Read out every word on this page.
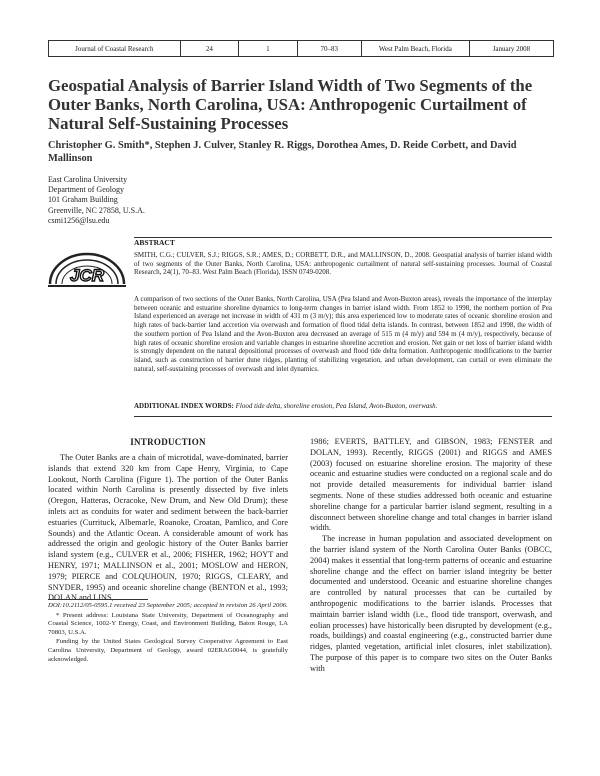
Journal of Coastal Research	24	1	70–83	West Palm Beach, Florida	January 2008
Geospatial Analysis of Barrier Island Width of Two Segments of the Outer Banks, North Carolina, USA: Anthropogenic Curtailment of Natural Self-Sustaining Processes
Christopher G. Smith*, Stephen J. Culver, Stanley R. Riggs, Dorothea Ames, D. Reide Corbett, and David Mallinson
East Carolina University
Department of Geology
101 Graham Building
Greenville, NC 27858, U.S.A.
csmi1256@lsu.edu
ABSTRACT
JCR
SMITH, C.G.; CULVER, S.J.; RIGGS, S.R.; AMES, D.; CORBETT, D.R., and MALLINSON, D., 2008. Geospatial analysis of barrier island width of two segments of the Outer Banks, North Carolina, USA: anthropogenic curtailment of natural self-sustaining processes. Journal of Coastal Research, 24(1), 70–83. West Palm Beach (Florida), ISSN 0749-0208.
A comparison of two sections of the Outer Banks, North Carolina, USA (Pea Island and Avon-Buxton areas), reveals the importance of the interplay between oceanic and estuarine shoreline dynamics to long-term changes in barrier island width. From 1852 to 1998, the northern portion of Pea Island experienced an average net increase in width of 431 m (3 m/y); this area experienced low to moderate rates of oceanic shoreline erosion and high rates of back-barrier land accretion via overwash and formation of flood tidal delta islands. In contrast, between 1852 and 1998, the width of the southern portion of Pea Island and the Avon-Buxton area decreased an average of 515 m (4 m/y) and 594 m (4 m/y), respectively, because of high rates of oceanic shoreline erosion and variable changes in estuarine shoreline accretion and erosion. Net gain or net loss of barrier island width is strongly dependent on the natural depositional processes of overwash and flood tide delta formation. Anthropogenic modifications to the barrier island, such as construction of barrier dune ridges, planting of stabilizing vegetation, and urban development, can curtail or even eliminate the natural, self-sustaining processes of overwash and inlet dynamics.
ADDITIONAL INDEX WORDS: Flood tide delta, shoreline erosion, Pea Island, Avon-Buxton, overwash.
INTRODUCTION

The Outer Banks are a chain of microtidal, wave-dominated, barrier islands that extend 320 km from Cape Henry, Virginia, to Cape Lookout, North Carolina (Figure 1). The portion of the Outer Banks located within North Carolina is presently dissected by five inlets (Oregon, Hatteras, Ocracoke, New Drum, and New Old Drum); these inlets act as conduits for water and sediment between the back-barrier estuaries (Currituck, Albemarle, Roanoke, Croatan, Pamlico, and Core Sounds) and the Atlantic Ocean. A considerable amount of work has addressed the origin and geologic history of the Outer Banks barrier island system (e.g., CULVER et al., 2006; FISHER, 1962; HOYT and HENRY, 1971; MALLINSON et al., 2001; MOSLOW and HERON, 1979; PIERCE and COLQUHOUN, 1970; RIGGS, CLEARY, and SNYDER, 1995) and oceanic shoreline change (BENTON et al., 1993; DOLAN and LINS,

DOI:10.2112/05-0595.1 received 23 September 2005; accepted in revision 26 April 2006.

* Present address: Louisiana State University, Department of Oceanography and Coastal Science, 1002-Y Energy, Coast, and Environment Building, Baton Rouge, LA 70803, U.S.A.

Funding by the United States Geological Survey Cooperative Agreement to East Carolina University, Department of Geology, award 02ERAG0044, is gratefully acknowledged.

1986; EVERTS, BATTLEY, and GIBSON, 1983; FENSTER and DOLAN, 1993). Recently, RIGGS (2001) and RIGGS and AMES (2003) focused on estuarine shoreline erosion. The majority of these oceanic and estuarine studies were conducted on a regional scale and do not provide detailed measurements for individual barrier island segments. None of these studies addressed both oceanic and estuarine shoreline change for a particular barrier island segment, resulting in a disconnect between shoreline change and total changes in barrier island width.

The increase in human population and associated development on the barrier island system of the North Carolina Outer Banks (OBCC, 2004) makes it essential that long-term patterns of oceanic and estuarine shoreline change and the effect on barrier island integrity be better documented and understood. Oceanic and estuarine shoreline changes are controlled by natural processes that can be curtailed by anthropogenic modifications to the barrier islands. Processes that maintain barrier island width (i.e., flood tide transport, overwash, and eolian processes) have historically been disrupted by development (e.g., roads, buildings) and coastal engineering (e.g., constructed barrier dune ridges, planted vegetation, artificial inlet closures, inlet stabilization). The purpose of this paper is to compare two sites on the Outer Banks with
